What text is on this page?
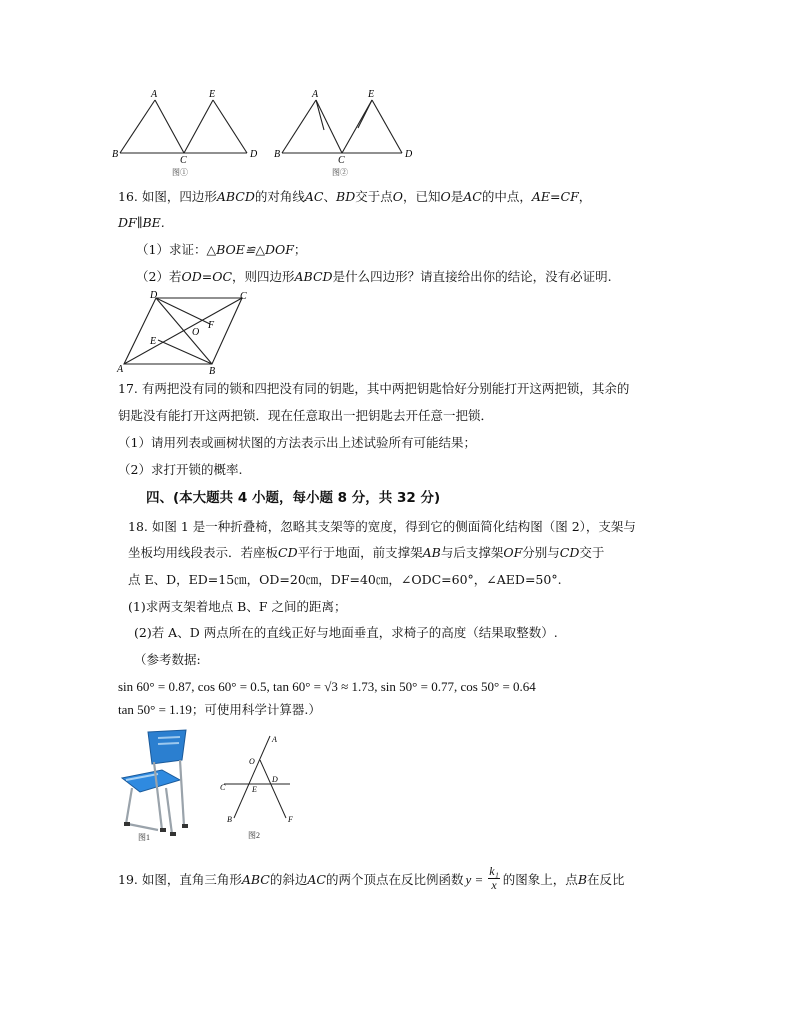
A	E
B
C
D
图①
A	E
B
C
D
图②
16. 如图，四边形ABCD的对角线AC、BD交于点O，已知O是AC的中点，AE=CF，
DF∥BE.
（1）求证：△BOE≌△DOF；
（2）若OD=OC，则四边形ABCD是什么四边形？请直接给出你的结论，没有必证明.
D	C
F
O
E
A	B
17. 有两把没有同的锁和四把没有同的钥匙，其中两把钥匙恰好分别能打开这两把锁，其余的
钥匙没有能打开这两把锁．现在任意取出一把钥匙去开任意一把锁．
（1）请用列表或画树状图的方法表示出上述试验所有可能结果；
（2）求打开锁的概率.
四、(本大题共 4 小题，每小题 8 分，共 32 分)
18. 如图 1 是一种折叠椅，忽略其支架等的宽度，得到它的侧面简化结构图（图 2），支架与
坐板均用线段表示．若座板CD平行于地面，前支撑架AB与后支撑架OF分别与CD交于
点 E、D，ED=15㎝，OD=20㎝，DF=40㎝，∠ODC=60°，∠AED=50°.
(1)求两支架着地点 B、F 之间的距离；
(2)若 A、D 两点所在的直线正好与地面垂直，求椅子的高度（结果取整数）.
（参考数据:
sin 60° = 0.87, cos 60° = 0.5, tan 60° = √3 ≈ 1.73, sin 50° = 0.77, cos 50° = 0.64
tan 50° = 1.19；可使用科学计算器.）
图1
A
O
C	E
D
B	F
图2
19. 如图，直角三角形 ABC 的斜边 AC 的两个顶点在反比例函数 $y = \frac{\text{k₁}}{x}$ 的图象上，点 B 在反比
